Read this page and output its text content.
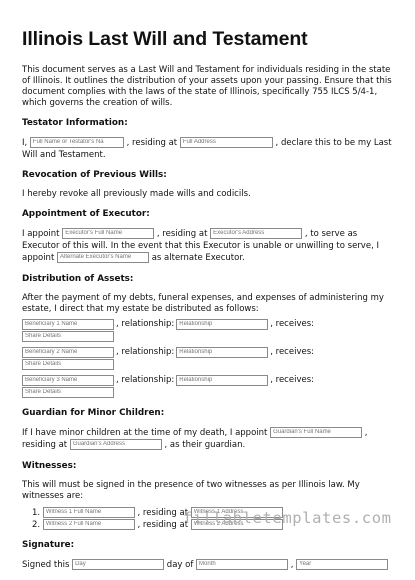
Illinois Last Will and Testament

This document serves as a Last Will and Testament for individuals residing in the state of Illinois. It outlines the distribution of your assets upon your passing. Ensure that this document complies with the laws of the state of Illinois, specifically 755 ILCS 5/4-1, which governs the creation of wills.

Testator Information:
I, Full Name or Testator's Na	, residing at Full Address	, declare this to be my Last Will and Testament.
Revocation of Previous Wills:

I hereby revoke all previously made wills and codicils.

Appointment of Executor:
I appoint Executor's Full Name	, residing at Executor's Address	, to serve as Executor of this will. In the event that this Executor is unable or unwilling to serve, I appoint Alternate Executor's Name	as alternate Executor.
Distribution of Assets:

After the payment of my debts, funeral expenses, and expenses of administering my estate, I direct that my estate be distributed as follows:

Beneficiary 1 Name
Share Details
, relationship:
Relationship	, receives:
Beneficiary 2 Name
Share Details
, relationship:
Relationship	, receives:
Beneficiary 3 Name
Share Details
, relationship:
Relationship	, receives:
Guardian for Minor Children:
If I have minor children at the time of my death, I appoint Guardian's Full Name	, residing at Guardian's Address	, as their guardian.
Witnesses:

This will must be signed in the presence of two witnesses as per Illinois law. My witnesses are:

1. Witness 1 Full Name	, residing at Witness 1 Address
2. Witness 2 Full Name	, residing at Witness 2 Address
Signature:
Signed this Day	day of Month	, Year
fillabletemplates.com
